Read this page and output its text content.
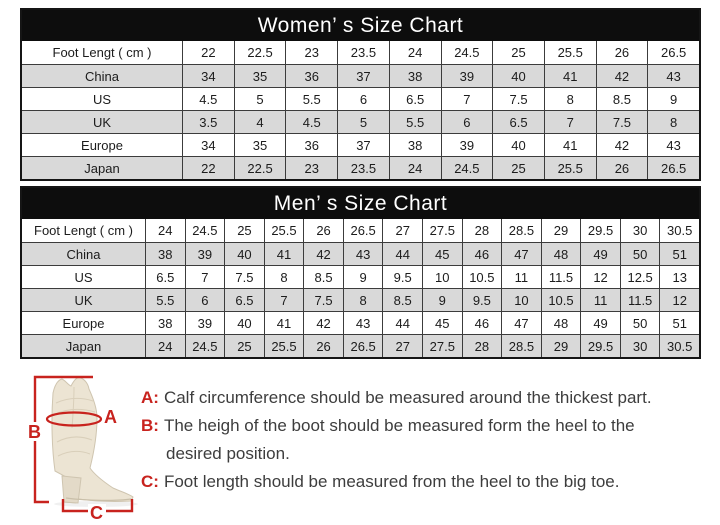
Women’ s Size Chart
Foot Lengt ( cm )	22	22.5	23	23.5	24	24.5	25	25.5	26	26.5
China	34	35	36	37	38	39	40	41	42	43
US	4.5	5	5.5	6	6.5	7	7.5	8	8.5	9
UK	3.5	4	4.5	5	5.5	6	6.5	7	7.5	8
Europe	34	35	36	37	38	39	40	41	42	43
Japan	22	22.5	23	23.5	24	24.5	25	25.5	26	26.5
Men’ s Size Chart
Foot Lengt ( cm )	24	24.5	25	25.5	26	26.5	27	27.5	28	28.5	29	29.5	30	30.5
China	38	39	40	41	42	43	44	45	46	47	48	49	50	51
US	6.5	7	7.5	8	8.5	9	9.5	10	10.5	11	11.5	12	12.5	13
UK	5.5	6	6.5	7	7.5	8	8.5	9	9.5	10	10.5	11	11.5	12
Europe	38	39	40	41	42	43	44	45	46	47	48	49	50	51
Japan	24	24.5	25	25.5	26	26.5	27	27.5	28	28.5	29	29.5	30	30.5
A
B
C
A: Calf circumference should be measured around the thickest part.
B: The heigh of the boot should be measured form the heel to the
desired position.
C: Foot length should be measured from the heel to the big toe.
